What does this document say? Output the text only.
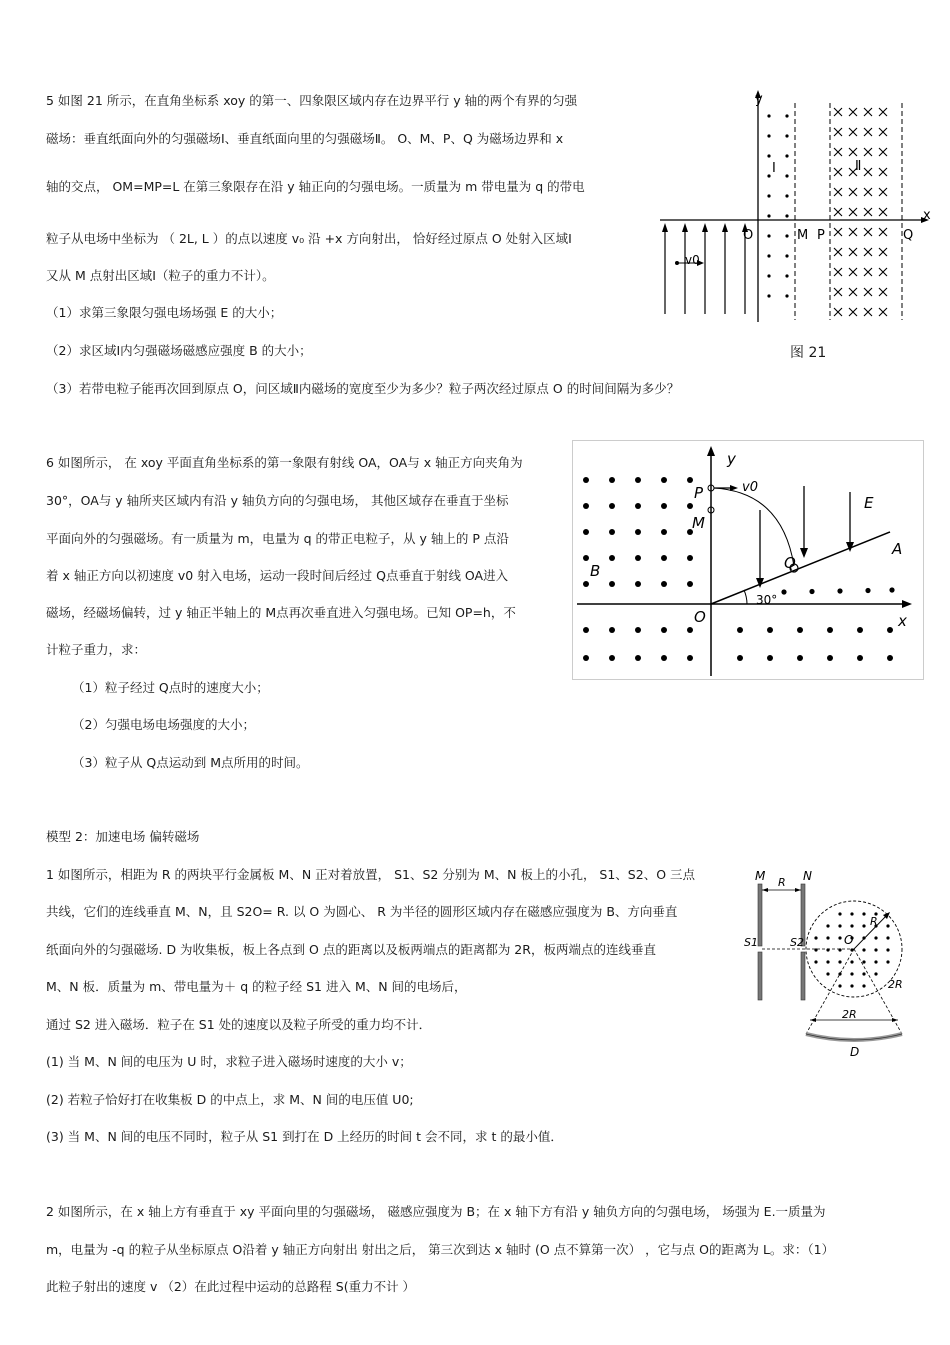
5 如图 21 所示，在直角坐标系 xoy 的第一、四象限区域内存在边界平行 y 轴的两个有界的匀强
磁场：垂直纸面向外的匀强磁场Ⅰ、垂直纸面向里的匀强磁场Ⅱ。 O、M、P、Q 为磁场边界和 x
轴的交点， OM=MP=L 在第三象限存在沿 y 轴正向的匀强电场。一质量为 m 带电量为 q 的带电
粒子从电场中坐标为 （ 2L, L ）的点以速度 v₀ 沿 +x 方向射出， 恰好经过原点 O 处射入区域Ⅰ
又从 M 点射出区域Ⅰ（粒子的重力不计）。
（1）求第三象限匀强电场场强 E 的大小；
（2）求区域Ⅰ内匀强磁场磁感应强度 B 的大小；
（3）若带电粒子能再次回到原点 O，问区域Ⅱ内磁场的宽度至少为多少？粒子两次经过原点 O 的时间间隔为多少？
y
x
Ⅰ	Ⅱ
O	M P	Q
v0
图 21
6 如图所示， 在 xoy 平面直角坐标系的第一象限有射线 OA，OA与 x 轴正方向夹角为
30°，OA与 y 轴所夹区域内有沿 y 轴负方向的匀强电场， 其他区域存在垂直于坐标
平面向外的匀强磁场。有一质量为 m，电量为 q 的带正电粒子，从 y 轴上的 P 点沿
着 x 轴正方向以初速度 v0 射入电场，运动一段时间后经过 Q点垂直于射线 OA进入
磁场，经磁场偏转，过 y 轴正半轴上的 M点再次垂直进入匀强电场。已知 OP=h，不
计粒子重力，求：
（1）粒子经过 Q点时的速度大小；
（2）匀强电场电场强度的大小；
（3）粒子从 Q点运动到 M点所用的时间。
y
x
O
A
30°
P	v0
Q
M
E
B
模型 2：加速电场 偏转磁场
1 如图所示，相距为 R 的两块平行金属板 M、N 正对着放置， S1、S2 分别为 M、N 板上的小孔， S1、S2、O 三点
共线，它们的连线垂直 M、N，且 S2O= R. 以 O 为圆心、 R 为半径的圆形区域内存在磁感应强度为 B、方向垂直
纸面向外的匀强磁场. D 为收集板，板上各点到 O 点的距离以及板两端点的距离都为 2R，板两端点的连线垂直
M、N 板．质量为 m、带电量为＋ q 的粒子经 S1 进入 M、N 间的电场后，
通过 S2 进入磁场．粒子在 S1 处的速度以及粒子所受的重力均不计．
(1) 当 M、N 间的电压为 U 时，求粒子进入磁场时速度的大小 v；
(2) 若粒子恰好打在收集板 D 的中点上，求 M、N 间的电压值 U0;
(3) 当 M、N 间的电压不同时，粒子从 S1 到打在 D 上经历的时间 t 会不同，求 t 的最小值．
M	N
R
S1	S2	O
R
2R
2R
D
2 如图所示，在 x 轴上方有垂直于 xy 平面向里的匀强磁场， 磁感应强度为 B；在 x 轴下方有沿 y 轴负方向的匀强电场， 场强为 E.一质量为
m，电量为 -q 的粒子从坐标原点 O沿着 y 轴正方向射出 射出之后， 第三次到达 x 轴时 (O 点不算第一次） ，它与点 O的距离为 L。求：（1）
此粒子射出的速度 v （2）在此过程中运动的总路程 S(重力不计 ）
